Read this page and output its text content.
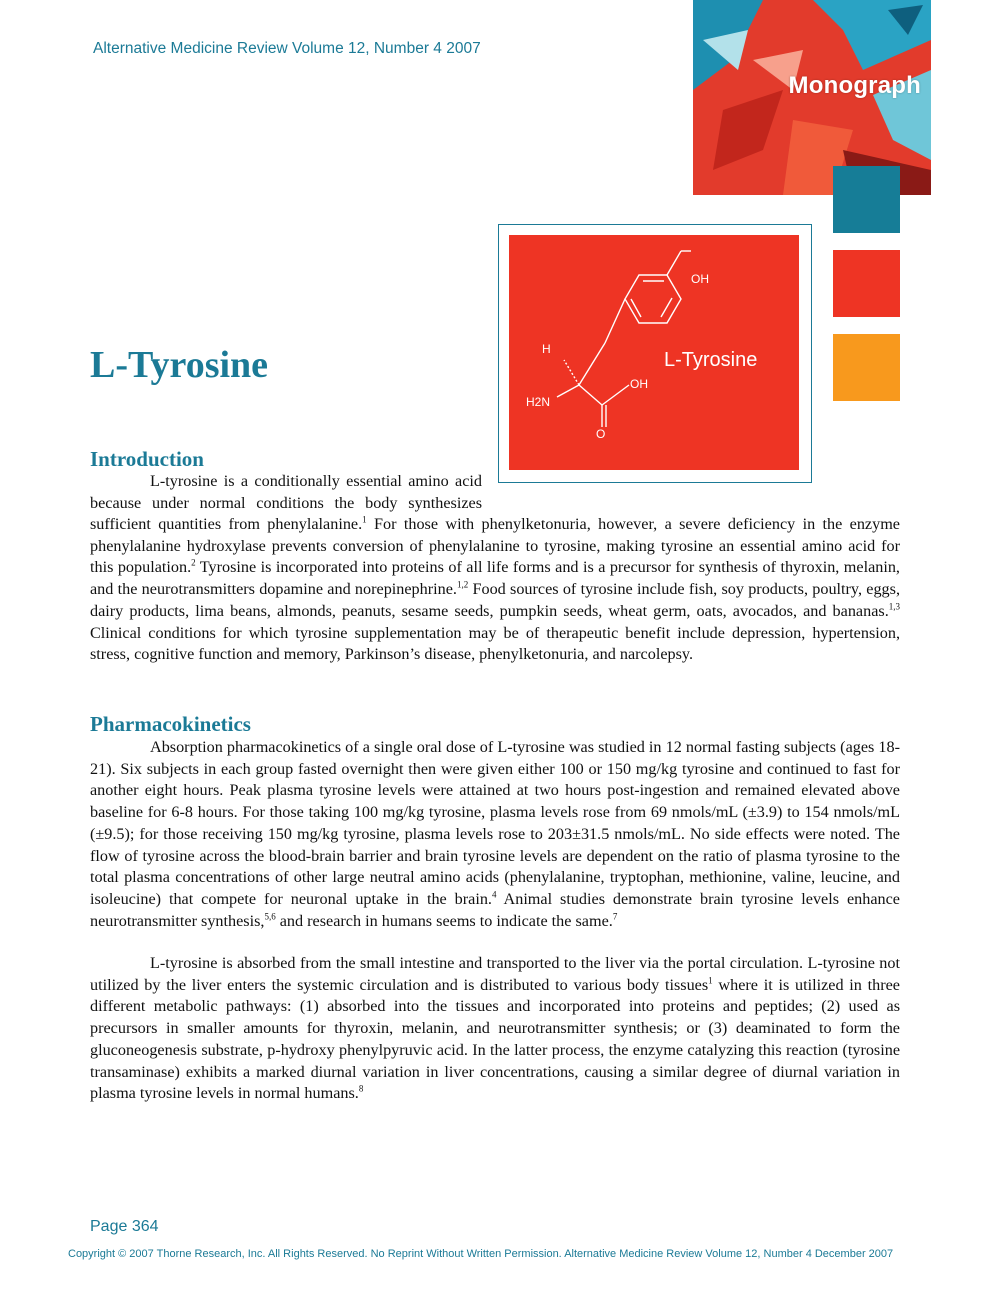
Alternative Medicine Review Volume 12, Number 4 2007
Monograph
OH
H
H2N
OH
O
L-Tyrosine
L-Tyrosine
Introduction

L-tyrosine is a conditionally essential amino acid because under normal conditions the body synthesizes

sufficient quantities from phenylalanine.$^1$ For those with phenylketonuria, however, a severe deficiency in the enzyme phenylalanine hydroxylase prevents conversion of phenylalanine to tyrosine, making tyrosine an essential amino acid for this population.$^2$ Tyrosine is incorporated into proteins of all life forms and is a precursor for synthesis of thyroxin, melanin, and the neurotransmitters dopamine and norepinephrine.$^{1,2}$ Food sources of tyrosine include fish, soy products, poultry, eggs, dairy products, lima beans, almonds, peanuts, sesame seeds, pumpkin seeds, wheat germ, oats, avocados, and bananas.$^{1,3}$ Clinical conditions for which tyrosine supplementation may be of therapeutic benefit include depression, hypertension, stress, cognitive function and memory, Parkinson’s disease, phenylketonuria, and narcolepsy.

Pharmacokinetics

Absorption pharmacokinetics of a single oral dose of L-tyrosine was studied in 12 normal fasting subjects (ages 18-21). Six subjects in each group fasted overnight then were given either 100 or 150 mg/kg tyrosine and continued to fast for another eight hours. Peak plasma tyrosine levels were attained at two hours post-ingestion and remained elevated above baseline for 6-8 hours. For those taking 100 mg/kg tyrosine, plasma levels rose from 69 nmols/mL (±3.9) to 154 nmols/mL (±9.5); for those receiving 150 mg/kg tyrosine, plasma levels rose to 203±31.5 nmols/mL. No side effects were noted. The flow of tyrosine across the blood-brain barrier and brain tyrosine levels are dependent on the ratio of plasma tyrosine to the total plasma concentrations of other large neutral amino acids (phenylalanine, tryptophan, methionine, valine, leucine, and isoleucine) that compete for neuronal uptake in the brain.$^4$ Animal studies demonstrate brain tyrosine levels enhance neurotransmitter synthesis,$^{5,6}$ and research in humans seems to indicate the same.$^7$

L-tyrosine is absorbed from the small intestine and transported to the liver via the portal circulation. L-tyrosine not utilized by the liver enters the systemic circulation and is distributed to various body tissues$^1$ where it is utilized in three different metabolic pathways: (1) absorbed into the tissues and incorporated into proteins and peptides; (2) used as precursors in smaller amounts for thyroxin, melanin, and neurotransmitter synthesis; or (3) deaminated to form the gluconeogenesis substrate, p-hydroxy phenylpyruvic acid. In the latter process, the enzyme catalyzing this reaction (tyrosine transaminase) exhibits a marked diurnal variation in liver concentrations, causing a similar degree of diurnal variation in plasma tyrosine levels in normal humans.$^8$

Page 364
Copyright © 2007 Thorne Research, Inc. All Rights Reserved. No Reprint Without Written Permission. Alternative Medicine Review Volume 12, Number 4 December 2007
